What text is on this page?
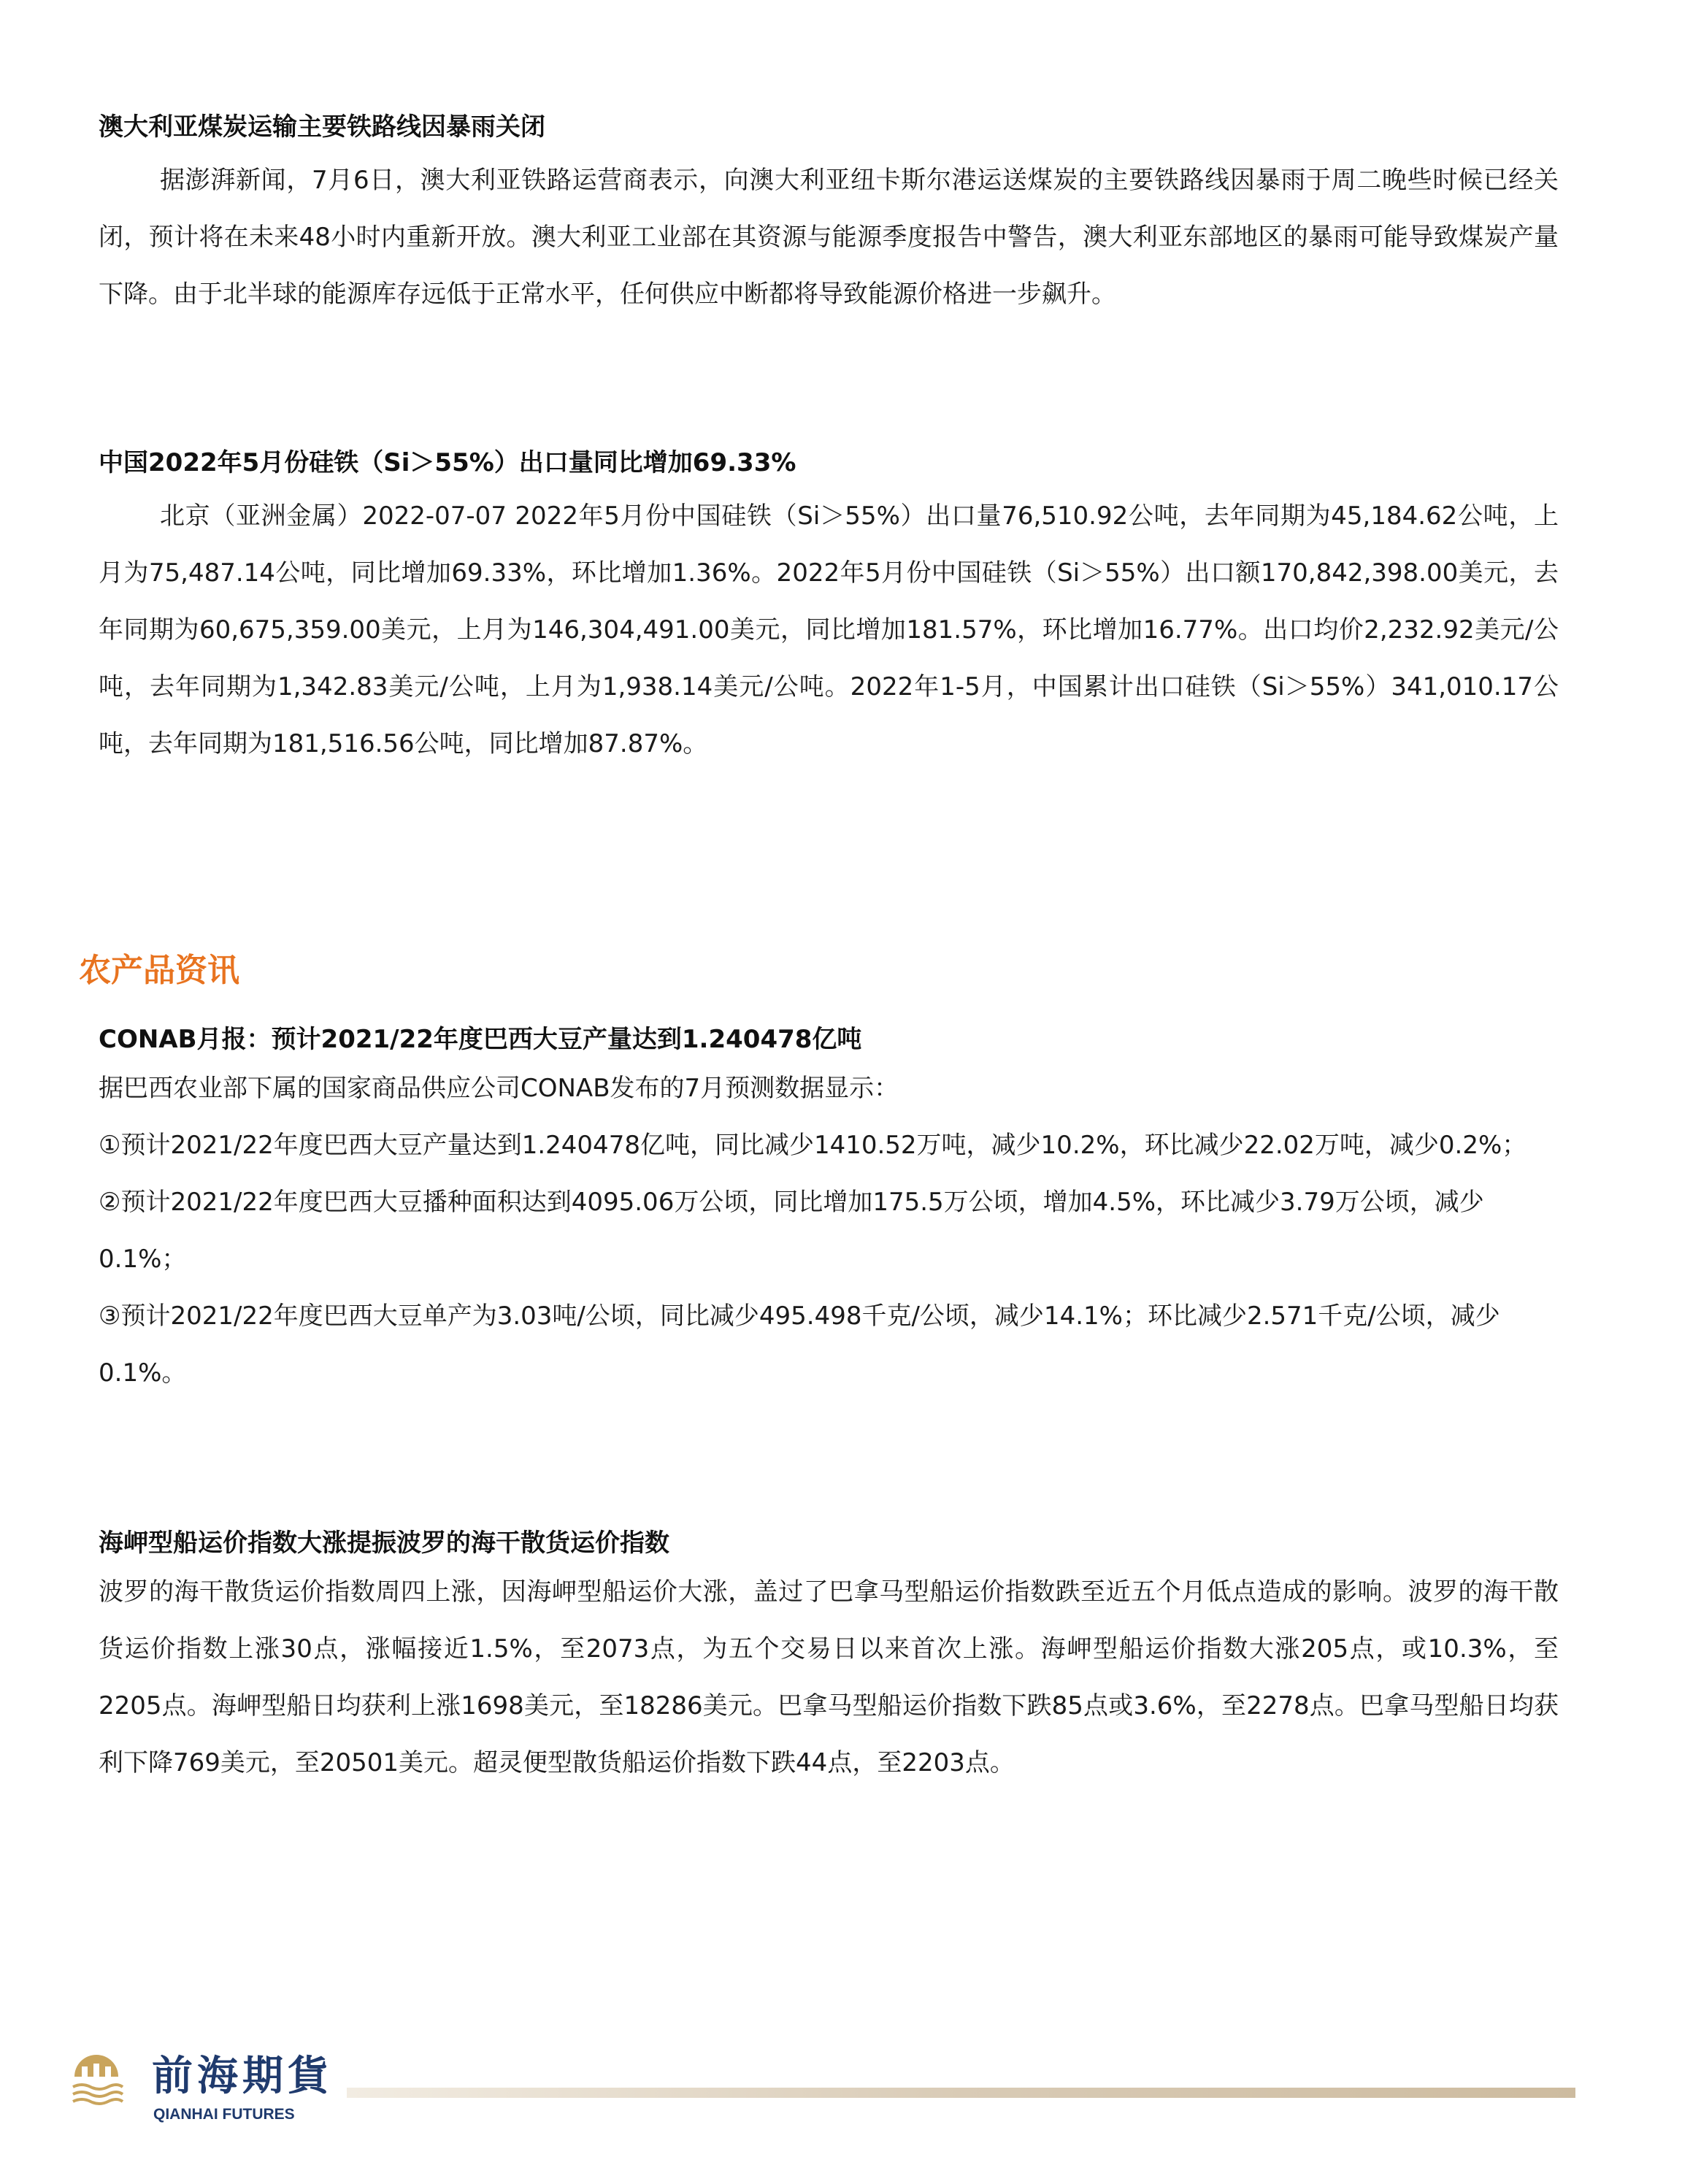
澳大利亚煤炭运输主要铁路线因暴雨关闭

据澎湃新闻，7月6日，澳大利亚铁路运营商表示，向澳大利亚纽卡斯尔港运送煤炭的主要铁路线因暴雨于周二晚些时候已经关闭，预计将在未来48小时内重新开放。澳大利亚工业部在其资源与能源季度报告中警告，澳大利亚东部地区的暴雨可能导致煤炭产量下降。由于北半球的能源库存远低于正常水平，任何供应中断都将导致能源价格进一步飙升。

中国2022年5月份硅铁（Si＞55%）出口量同比增加69.33%

北京（亚洲金属）2022-07-07 2022年5月份中国硅铁（Si＞55%）出口量76,510.92公吨，去年同期为45,184.62公吨，上月为75,487.14公吨，同比增加69.33%，环比增加1.36%。2022年5月份中国硅铁（Si＞55%）出口额170,842,398.00美元，去年同期为60,675,359.00美元，上月为146,304,491.00美元，同比增加181.57%，环比增加16.77%。出口均价2,232.92美元/公吨，去年同期为1,342.83美元/公吨，上月为1,938.14美元/公吨。2022年1-5月，中国累计出口硅铁（Si＞55%）341,010.17公吨，去年同期为181,516.56公吨，同比增加87.87%。

农产品资讯
CONAB月报：预计2021/22年度巴西大豆产量达到1.240478亿吨

据巴西农业部下属的国家商品供应公司CONAB发布的7月预测数据显示：

①预计2021/22年度巴西大豆产量达到1.240478亿吨，同比减少1410.52万吨，减少10.2%，环比减少22.02万吨，减少0.2%；

②预计2021/22年度巴西大豆播种面积达到4095.06万公顷，同比增加175.5万公顷，增加4.5%，环比减少3.79万公顷，减少0.1%；

③预计2021/22年度巴西大豆单产为3.03吨/公顷，同比减少495.498千克/公顷，减少14.1%；环比减少2.571千克/公顷，减少0.1%。

海岬型船运价指数大涨提振波罗的海干散货运价指数

波罗的海干散货运价指数周四上涨，因海岬型船运价大涨，盖过了巴拿马型船运价指数跌至近五个月低点造成的影响。波罗的海干散货运价指数上涨30点，涨幅接近1.5%，至2073点，为五个交易日以来首次上涨。海岬型船运价指数大涨205点，或10.3%，至2205点。海岬型船日均获利上涨1698美元，至18286美元。巴拿马型船运价指数下跌85点或3.6%，至2278点。巴拿马型船日均获利下降769美元，至20501美元。超灵便型散货船运价指数下跌44点，至2203点。

前海期貨
QIANHAI FUTURES
